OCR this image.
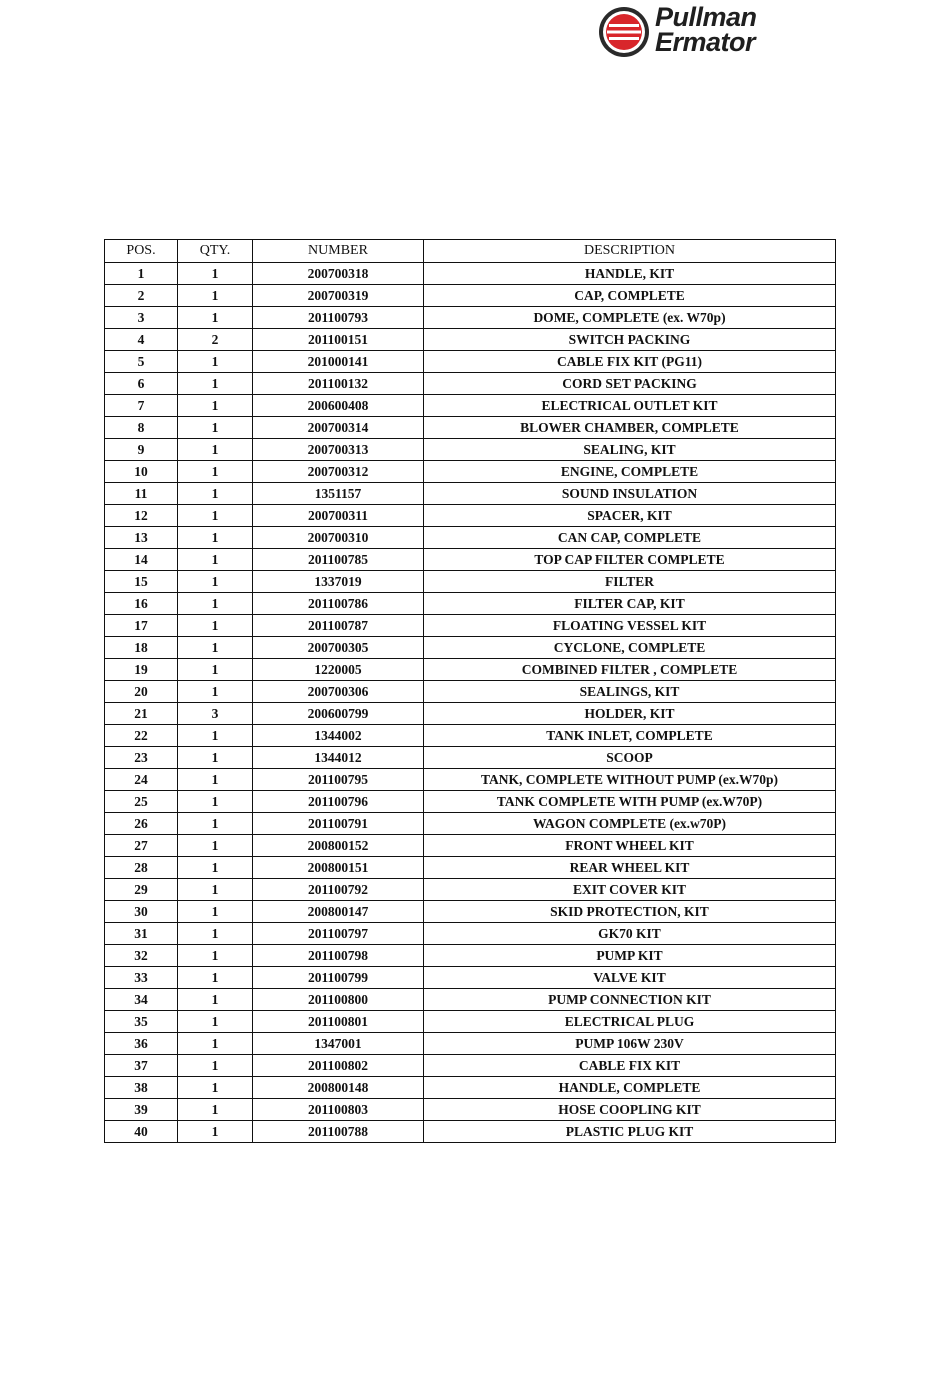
Pullman
Ermator
POS.	QTY.	NUMBER	DESCRIPTION
1	1	200700318	HANDLE, KIT
2	1	200700319	CAP, COMPLETE
3	1	201100793	DOME, COMPLETE (ex. W70p)
4	2	201100151	SWITCH PACKING
5	1	201000141	CABLE FIX KIT (PG11)
6	1	201100132	CORD SET PACKING
7	1	200600408	ELECTRICAL OUTLET KIT
8	1	200700314	BLOWER CHAMBER, COMPLETE
9	1	200700313	SEALING, KIT
10	1	200700312	ENGINE, COMPLETE
11	1	1351157	SOUND INSULATION
12	1	200700311	SPACER, KIT
13	1	200700310	CAN CAP, COMPLETE
14	1	201100785	TOP CAP FILTER COMPLETE
15	1	1337019	FILTER
16	1	201100786	FILTER CAP, KIT
17	1	201100787	FLOATING VESSEL KIT
18	1	200700305	CYCLONE, COMPLETE
19	1	1220005	COMBINED FILTER , COMPLETE
20	1	200700306	SEALINGS, KIT
21	3	200600799	HOLDER, KIT
22	1	1344002	TANK INLET, COMPLETE
23	1	1344012	SCOOP
24	1	201100795	TANK, COMPLETE WITHOUT PUMP (ex.W70p)
25	1	201100796	TANK COMPLETE WITH PUMP (ex.W70P)
26	1	201100791	WAGON COMPLETE (ex.w70P)
27	1	200800152	FRONT WHEEL KIT
28	1	200800151	REAR WHEEL KIT
29	1	201100792	EXIT COVER KIT
30	1	200800147	SKID PROTECTION, KIT
31	1	201100797	GK70 KIT
32	1	201100798	PUMP KIT
33	1	201100799	VALVE KIT
34	1	201100800	PUMP CONNECTION KIT
35	1	201100801	ELECTRICAL PLUG
36	1	1347001	PUMP 106W 230V
37	1	201100802	CABLE FIX KIT
38	1	200800148	HANDLE, COMPLETE
39	1	201100803	HOSE COOPLING KIT
40	1	201100788	PLASTIC PLUG KIT
